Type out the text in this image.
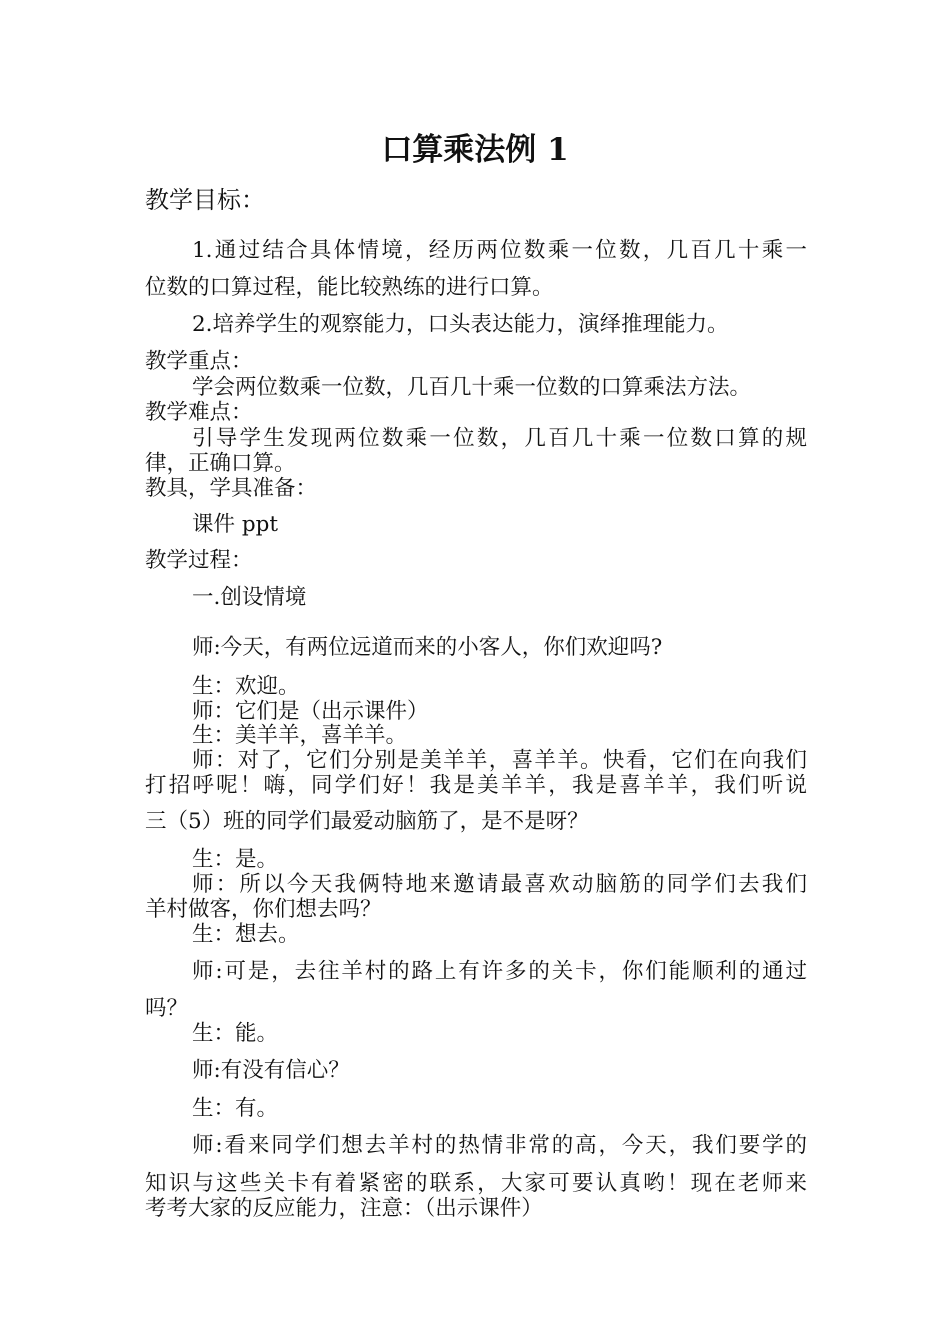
口算乘法例 1

教学目标：

1.通过结合具体情境，经历两位数乘一位数，几百几十乘一

位数的口算过程，能比较熟练的进行口算。

2.培养学生的观察能力，口头表达能力，演绎推理能力。

教学重点：

学会两位数乘一位数，几百几十乘一位数的口算乘法方法。

教学难点：

引导学生发现两位数乘一位数，几百几十乘一位数口算的规

律，正确口算。

教具，学具准备：

课件 ppt

教学过程：

一.创设情境

师:今天，有两位远道而来的小客人，你们欢迎吗?

生：欢迎。

师：它们是（出示课件）

生：美羊羊，喜羊羊。

师：对了，它们分别是美羊羊，喜羊羊。快看，它们在向我们

打招呼呢！嗨，同学们好！我是美羊羊，我是喜羊羊，我们听说

三（5）班的同学们最爱动脑筋了，是不是呀？

生：是。

师：所以今天我俩特地来邀请最喜欢动脑筋的同学们去我们

羊村做客，你们想去吗？

生：想去。

师:可是，去往羊村的路上有许多的关卡，你们能顺利的通过

吗？

生：能。

师:有没有信心？

生：有。

师:看来同学们想去羊村的热情非常的高，今天，我们要学的

知识与这些关卡有着紧密的联系，大家可要认真哟！现在老师来

考考大家的反应能力，注意：（出示课件）
